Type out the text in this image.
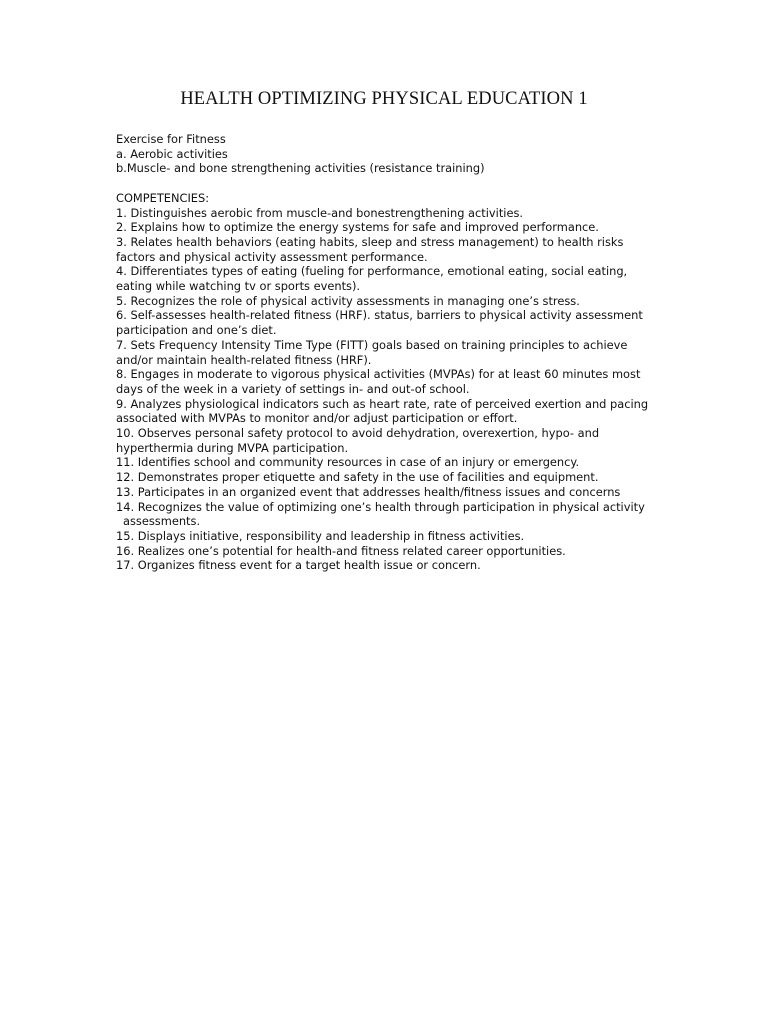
HEALTH OPTIMIZING PHYSICAL EDUCATION 1

Exercise for Fitness

a. Aerobic activities

b.Muscle- and bone strengthening activities (resistance training)

COMPETENCIES:

1. Distinguishes aerobic from muscle-and bonestrengthening activities.

2. Explains how to optimize the energy systems for safe and improved performance.

3. Relates health behaviors (eating habits, sleep and stress management) to health risks

factors and physical activity assessment performance.

4. Differentiates types of eating (fueling for performance, emotional eating, social eating,

eating while watching tv or sports events).

5. Recognizes the role of physical activity assessments in managing one’s stress.

6. Self-assesses health-related fitness (HRF). status, barriers to physical activity assessment

participation and one’s diet.

7. Sets Frequency Intensity Time Type (FITT) goals based on training principles to achieve

and/or maintain health-related fitness (HRF).

8. Engages in moderate to vigorous physical activities (MVPAs) for at least 60 minutes most

days of the week in a variety of settings in- and out-of school.

9. Analyzes physiological indicators such as heart rate, rate of perceived exertion and pacing

associated with MVPAs to monitor and/or adjust participation or effort.

10. Observes personal safety protocol to avoid dehydration, overexertion, hypo- and

hyperthermia during MVPA participation.

11. Identifies school and community resources in case of an injury or emergency.

12. Demonstrates proper etiquette and safety in the use of facilities and equipment.

13. Participates in an organized event that addresses health/fitness issues and concerns

14. Recognizes the value of optimizing one’s health through participation in physical activity

assessments.

15. Displays initiative, responsibility and leadership in fitness activities.

16. Realizes one’s potential for health-and fitness related career opportunities.

17. Organizes fitness event for a target health issue or concern.
